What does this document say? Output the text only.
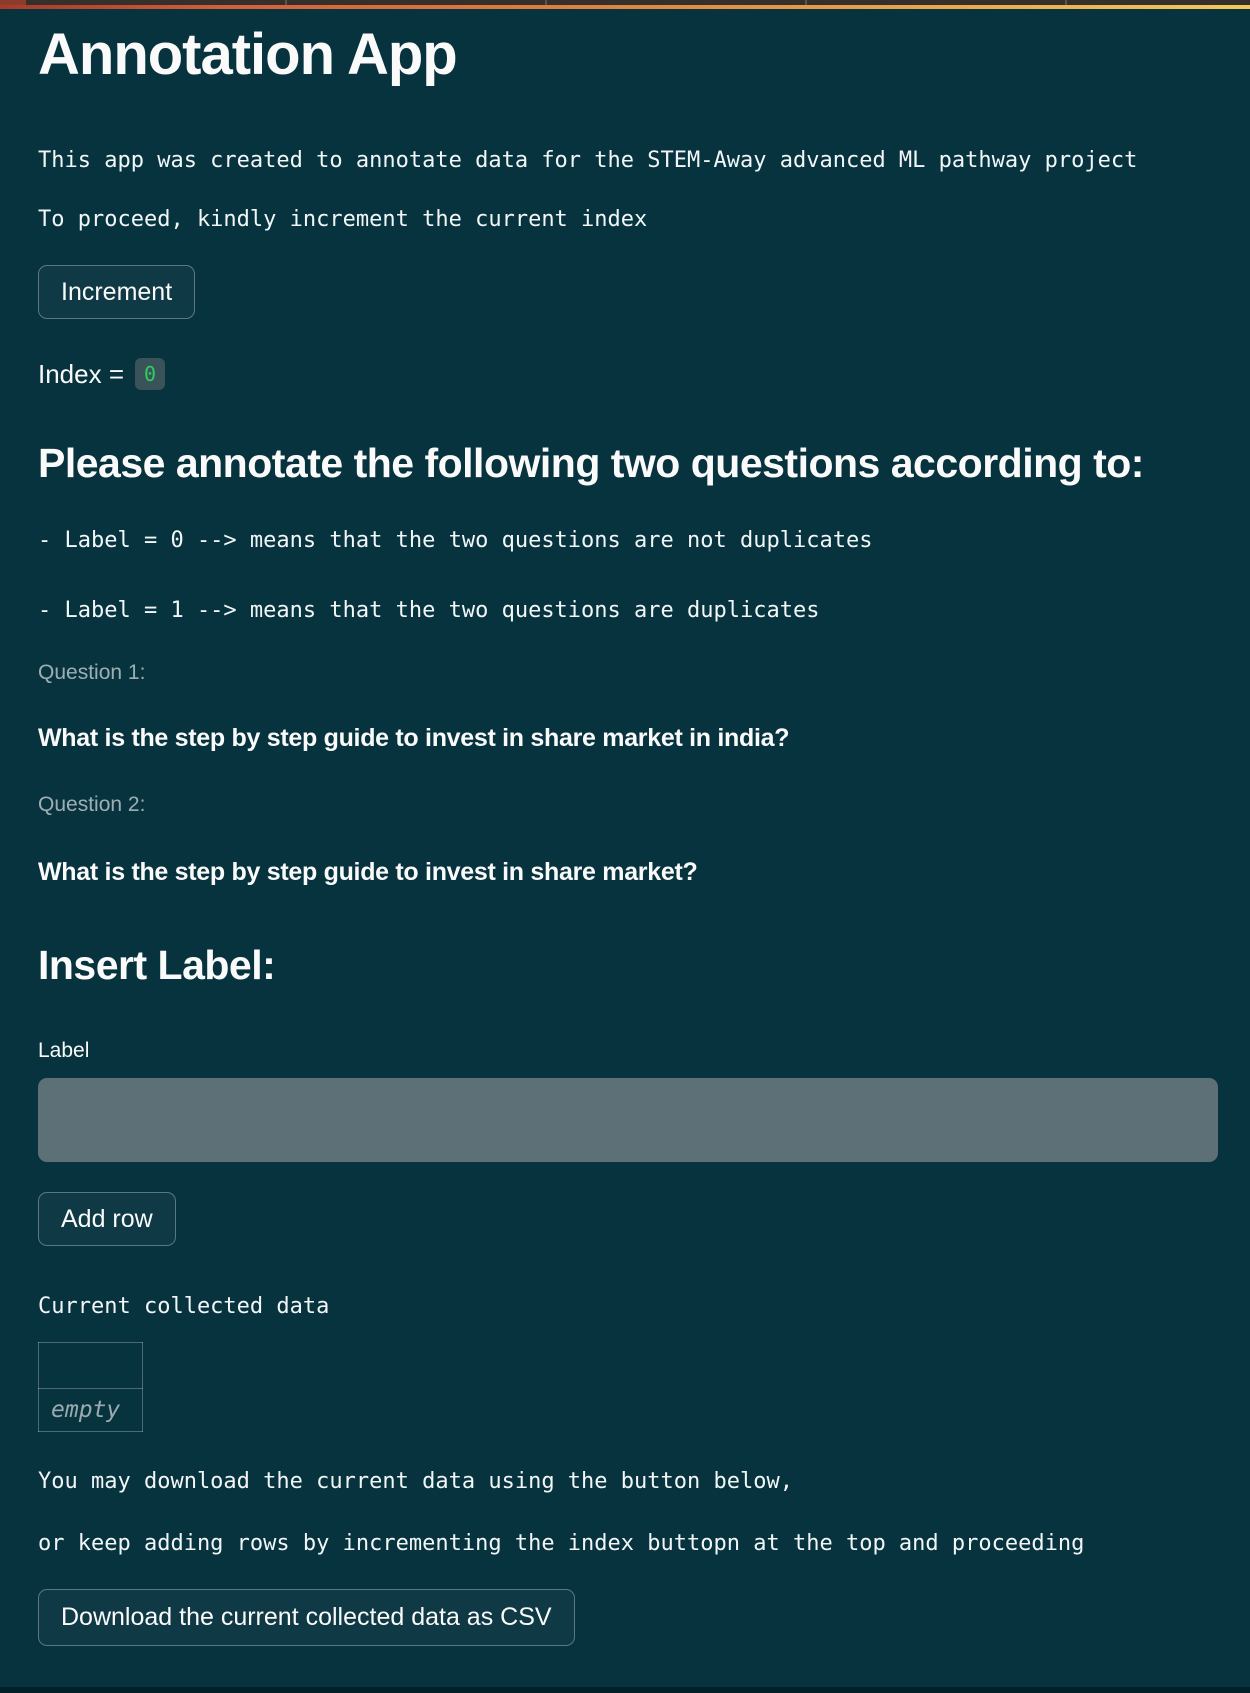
Annotation App

This app was created to annotate data for the STEM-Away advanced ML pathway project

To proceed, kindly increment the current index

Increment
Index =	0
Please annotate the following two questions according to:

- Label = 0 --> means that the two questions are not duplicates

- Label = 1 --> means that the two questions are duplicates

Question 1:

What is the step by step guide to invest in share market in india?

Question 2:

What is the step by step guide to invest in share market?

Insert Label:

Label

Add row

Current collected data

empty

You may download the current data using the button below,

or keep adding rows by incrementing the index buttopn at the top and proceeding

Download the current collected data as CSV
